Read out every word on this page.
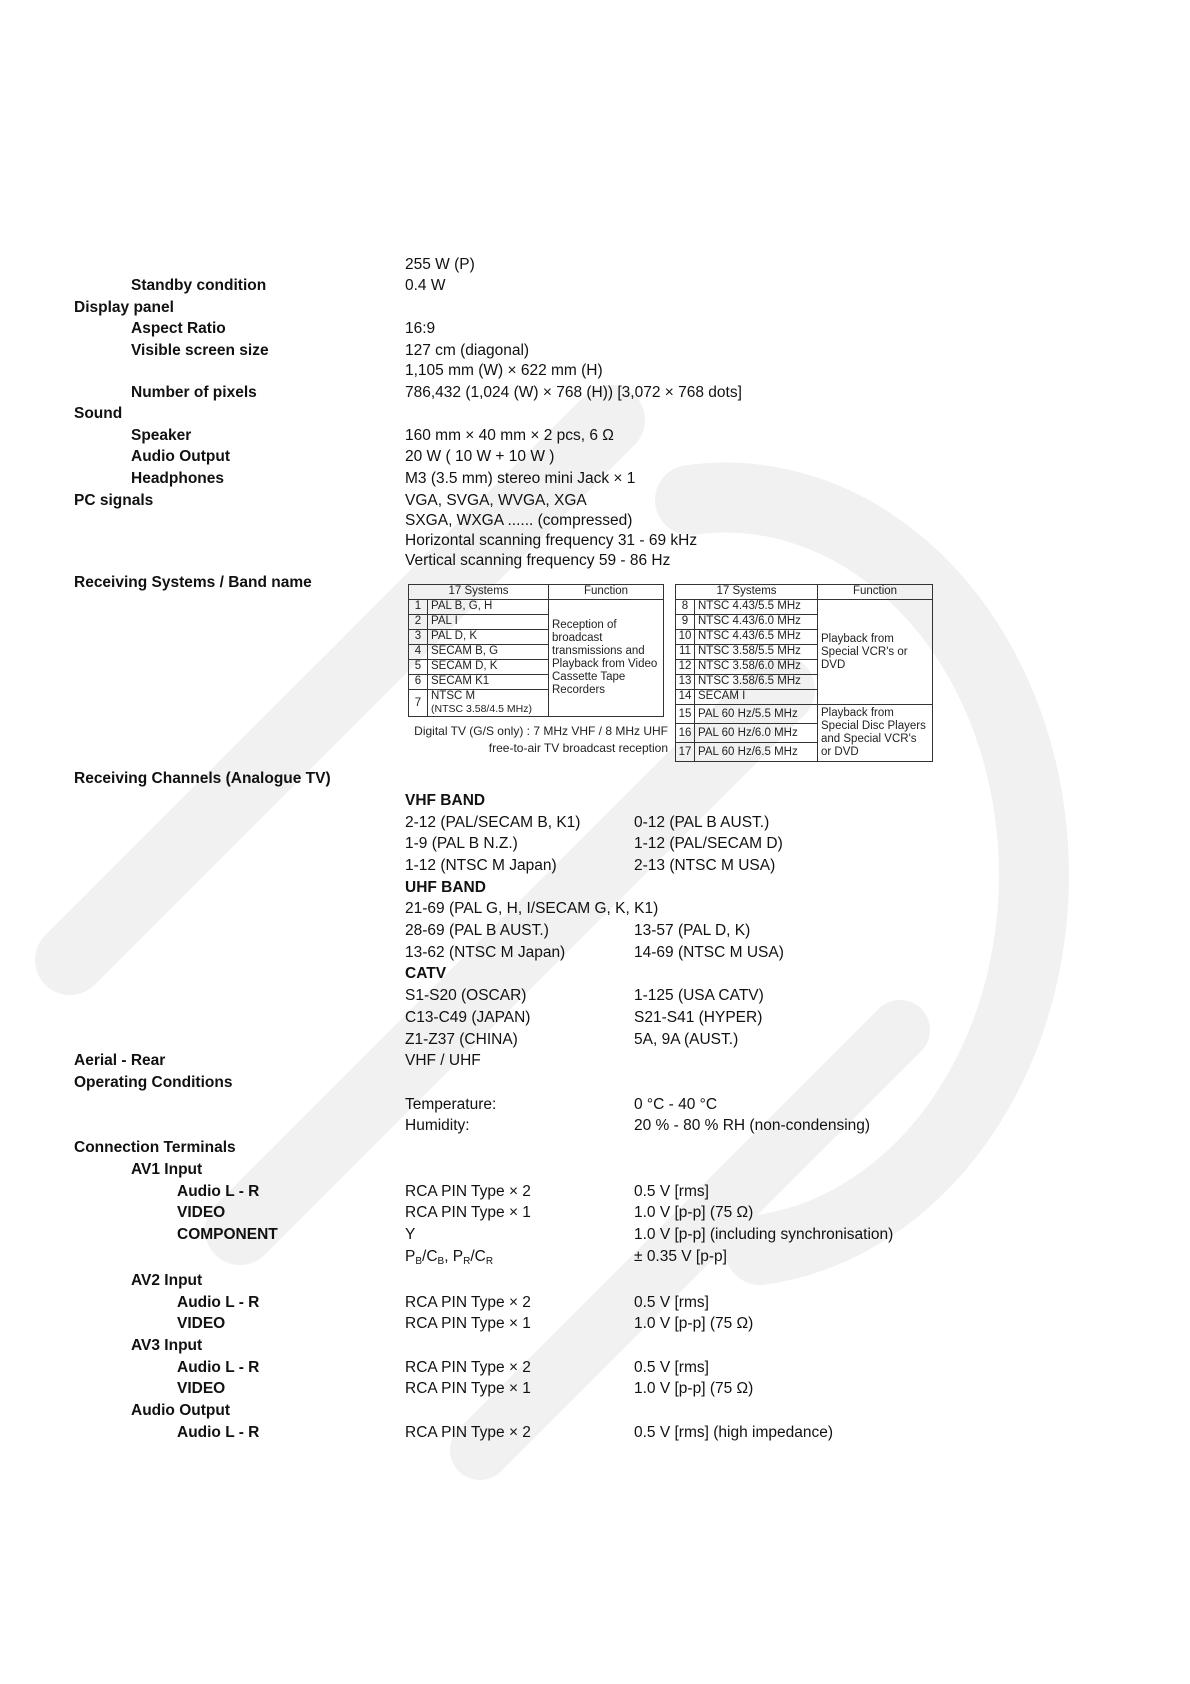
255 W (P)
Standby condition	0.4 W
Display panel
Aspect Ratio	16:9
Visible screen size	127 cm (diagonal)
1,105 mm (W) × 622 mm (H)
Number of pixels	786,432 (1,024 (W) × 768 (H)) [3,072 × 768 dots]
Sound
Speaker	160 mm × 40 mm × 2 pcs, 6 Ω
Audio Output	20 W ( 10 W + 10 W )
Headphones	M3 (3.5 mm) stereo mini Jack × 1
PC signals	VGA, SVGA, WVGA, XGA
SXGA, WXGA ...... (compressed)
Horizontal scanning frequency 31 - 69 kHz
Vertical scanning frequency 59 - 86 Hz
Receiving Systems / Band name	17 Systems		Function
1	PAL B, G, H	Reception of broadcast transmissions and Playback from Video Cassette Tape Recorders
2	PAL I	
3	PAL D, K	
4	SECAM B, G	
5	SECAM D, K	
6	SECAM K1	
7	NTSC M
(NTSC 3.58/4.5 MHz)	
Digital TV (G/S only) : 7 MHz VHF / 8 MHz UHF
free-to-air TV broadcast reception
17 Systems		Function
8	NTSC 4.43/5.5 MHz	Playback from Special VCR's or DVD
9	NTSC 4.43/6.0 MHz	
10	NTSC 4.43/6.5 MHz	
11	NTSC 3.58/5.5 MHz	
12	NTSC 3.58/6.0 MHz	
13	NTSC 3.58/6.5 MHz	
14	SECAM I	
15	PAL 60 Hz/5.5 MHz	Playback from Special Disc Players and Special VCR's or DVD
16	PAL 60 Hz/6.0 MHz	
17	PAL 60 Hz/6.5 MHz	
Receiving Channels (Analogue TV)
VHF BAND
2-12 (PAL/SECAM B, K1)	0-12 (PAL B AUST.)
1-9 (PAL B N.Z.)	1-12 (PAL/SECAM D)
1-12 (NTSC M Japan)	2-13 (NTSC M USA)
UHF BAND
21-69 (PAL G, H, I/SECAM G, K, K1)
28-69 (PAL B AUST.)	13-57 (PAL D, K)
13-62 (NTSC M Japan)	14-69 (NTSC M USA)
CATV
S1-S20 (OSCAR)	1-125 (USA CATV)
C13-C49 (JAPAN)	S21-S41 (HYPER)
Z1-Z37 (CHINA)	5A, 9A (AUST.)
Aerial - Rear	VHF / UHF
Operating Conditions
Temperature:	0 °C - 40 °C
Humidity:	20 % - 80 % RH (non-condensing)
Connection Terminals
AV1 Input
Audio L - R	RCA PIN Type × 2	0.5 V [rms]
VIDEO	RCA PIN Type × 1	1.0 V [p-p] (75 Ω)
COMPONENT	Y	1.0 V [p-p] (including synchronisation)
$P_B/C_B$, $P_R/C_R$	± 0.35 V [p-p]
AV2 Input
Audio L - R	RCA PIN Type × 2	0.5 V [rms]
VIDEO	RCA PIN Type × 1	1.0 V [p-p] (75 Ω)
AV3 Input
Audio L - R	RCA PIN Type × 2	0.5 V [rms]
VIDEO	RCA PIN Type × 1	1.0 V [p-p] (75 Ω)
Audio Output
Audio L - R	RCA PIN Type × 2	0.5 V [rms] (high impedance)
